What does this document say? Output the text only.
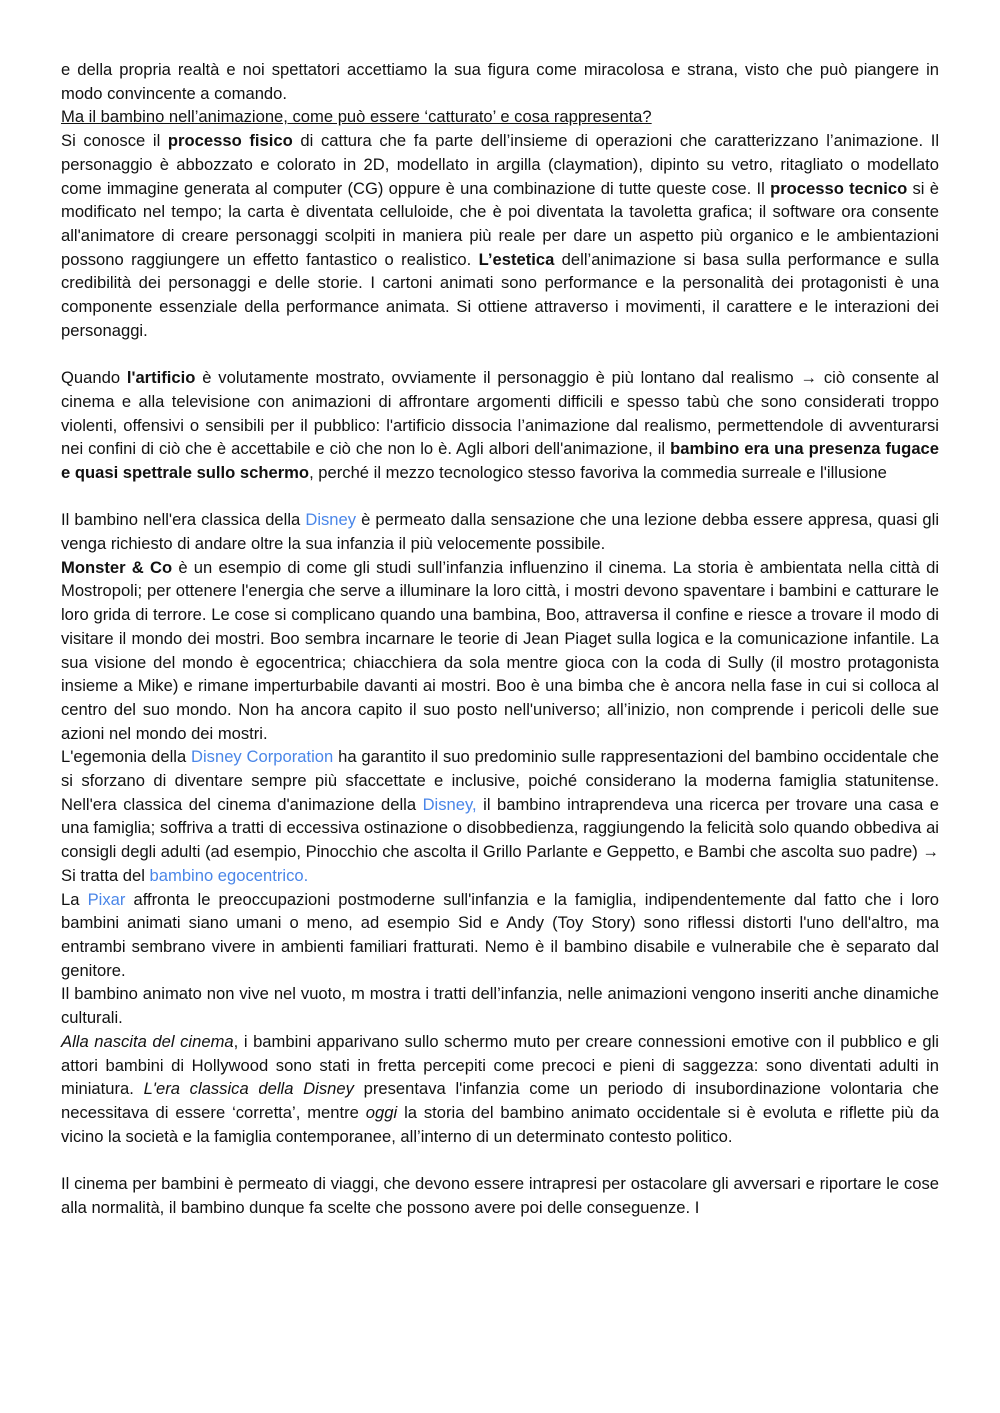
e della propria realtà e noi spettatori accettiamo la sua figura come miracolosa e strana, visto che può piangere in modo convincente a comando.

Ma il bambino nell’animazione, come può essere ‘catturato’ e cosa rappresenta?

Si conosce il processo fisico di cattura che fa parte dell’insieme di operazioni che caratterizzano l’animazione. Il personaggio è abbozzato e colorato in 2D, modellato in argilla (claymation), dipinto su vetro, ritagliato o modellato come immagine generata al computer (CG) oppure è una combinazione di tutte queste cose. Il processo tecnico si è modificato nel tempo; la carta è diventata celluloide, che è poi diventata la tavoletta grafica; il software ora consente all'animatore di creare personaggi scolpiti in maniera più reale per dare un aspetto più organico e le ambientazioni possono raggiungere un effetto fantastico o realistico. L’estetica dell’animazione si basa sulla performance e sulla credibilità dei personaggi e delle storie. I cartoni animati sono performance e la personalità dei protagonisti è una componente essenziale della performance animata. Si ottiene attraverso i movimenti, il carattere e le interazioni dei personaggi.

Quando l'artificio è volutamente mostrato, ovviamente il personaggio è più lontano dal realismo → ciò consente al cinema e alla televisione con animazioni di affrontare argomenti difficili e spesso tabù che sono considerati troppo violenti, offensivi o sensibili per il pubblico: l'artificio dissocia l’animazione dal realismo, permettendole di avventurarsi nei confini di ciò che è accettabile e ciò che non lo è. Agli albori dell'animazione, il bambino era una presenza fugace e quasi spettrale sullo schermo, perché il mezzo tecnologico stesso favoriva la commedia surreale e l'illusione

Il bambino nell'era classica della Disney è permeato dalla sensazione che una lezione debba essere appresa, quasi gli venga richiesto di andare oltre la sua infanzia il più velocemente possibile.

Monster & Co è un esempio di come gli studi sull’infanzia influenzino il cinema. La storia è ambientata nella città di Mostropoli; per ottenere l'energia che serve a illuminare la loro città, i mostri devono spaventare i bambini e catturare le loro grida di terrore. Le cose si complicano quando una bambina, Boo, attraversa il confine e riesce a trovare il modo di visitare il mondo dei mostri. Boo sembra incarnare le teorie di Jean Piaget sulla logica e la comunicazione infantile. La sua visione del mondo è egocentrica; chiacchiera da sola mentre gioca con la coda di Sully (il mostro protagonista insieme a Mike) e rimane imperturbabile davanti ai mostri. Boo è una bimba che è ancora nella fase in cui si colloca al centro del suo mondo. Non ha ancora capito il suo posto nell'universo; all’inizio, non comprende i pericoli delle sue azioni nel mondo dei mostri.

L'egemonia della Disney Corporation ha garantito il suo predominio sulle rappresentazioni del bambino occidentale che si sforzano di diventare sempre più sfaccettate e inclusive, poiché considerano la moderna famiglia statunitense. Nell'era classica del cinema d'animazione della Disney, il bambino intraprendeva una ricerca per trovare una casa e una famiglia; soffriva a tratti di eccessiva ostinazione o disobbedienza, raggiungendo la felicità solo quando obbediva ai consigli degli adulti (ad esempio, Pinocchio che ascolta il Grillo Parlante e Geppetto, e Bambi che ascolta suo padre) → Si tratta del bambino egocentrico.

La Pixar affronta le preoccupazioni postmoderne sull'infanzia e la famiglia, indipendentemente dal fatto che i loro bambini animati siano umani o meno, ad esempio Sid e Andy (Toy Story) sono riflessi distorti l'uno dell'altro, ma entrambi sembrano vivere in ambienti familiari fratturati. Nemo è il bambino disabile e vulnerabile che è separato dal genitore.

Il bambino animato non vive nel vuoto, m mostra i tratti dell’infanzia, nelle animazioni vengono inseriti anche dinamiche culturali.

Alla nascita del cinema, i bambini apparivano sullo schermo muto per creare connessioni emotive con il pubblico e gli attori bambini di Hollywood sono stati in fretta percepiti come precoci e pieni di saggezza: sono diventati adulti in miniatura. L'era classica della Disney presentava l'infanzia come un periodo di insubordinazione volontaria che necessitava di essere ‘corretta’, mentre oggi la storia del bambino animato occidentale si è evoluta e riflette più da vicino la società e la famiglia contemporanee, all’interno di un determinato contesto politico.

Il cinema per bambini è permeato di viaggi, che devono essere intrapresi per ostacolare gli avversari e riportare le cose alla normalità, il bambino dunque fa scelte che possono avere poi delle conseguenze. I
